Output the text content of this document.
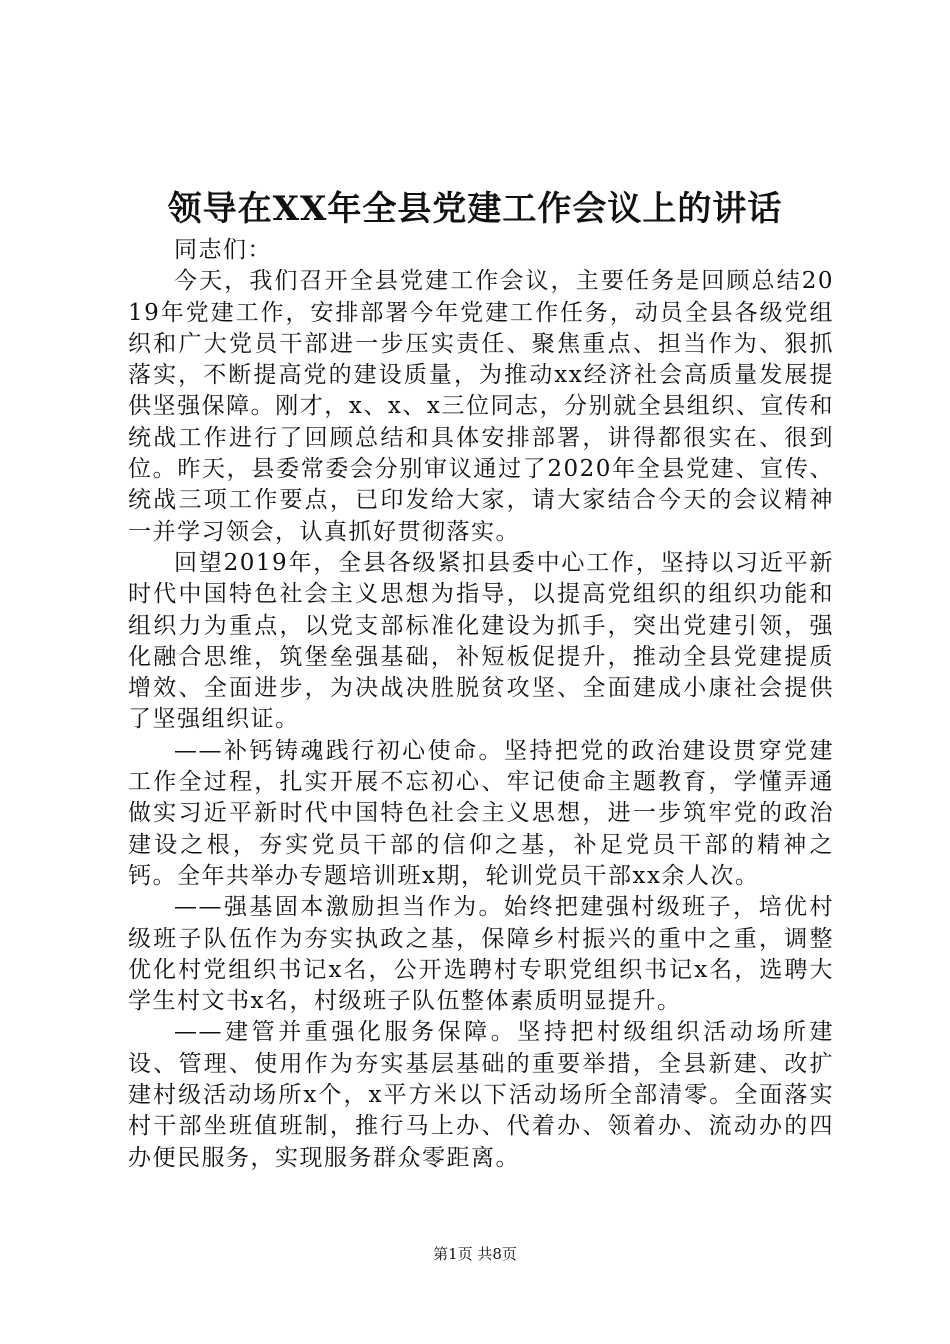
领导在XX年全县党建工作会议上的讲话

同志们：

今天，我们召开全县党建工作会议，主要任务是回顾总结2019年党建工作，安排部署今年党建工作任务，动员全县各级党组织和广大党员干部进一步压实责任、聚焦重点、担当作为、狠抓落实，不断提高党的建设质量，为推动xx经济社会高质量发展提供坚强保障。刚才，x、x、x三位同志，分别就全县组织、宣传和统战工作进行了回顾总结和具体安排部署，讲得都很实在、很到位。昨天，县委常委会分别审议通过了2020年全县党建、宣传、统战三项工作要点，已印发给大家，请大家结合今天的会议精神一并学习领会，认真抓好贯彻落实。

回望2019年，全县各级紧扣县委中心工作，坚持以习近平新时代中国特色社会主义思想为指导，以提高党组织的组织功能和组织力为重点，以党支部标准化建设为抓手，突出党建引领，强化融合思维，筑堡垒强基础，补短板促提升，推动全县党建提质增效、全面进步，为决战决胜脱贫攻坚、全面建成小康社会提供了坚强组织证。

——补钙铸魂践行初心使命。坚持把党的政治建设贯穿党建工作全过程，扎实开展不忘初心、牢记使命主题教育，学懂弄通做实习近平新时代中国特色社会主义思想，进一步筑牢党的政治建设之根，夯实党员干部的信仰之基，补足党员干部的精神之钙。全年共举办专题培训班x期，轮训党员干部xx余人次。

——强基固本激励担当作为。始终把建强村级班子，培优村级班子队伍作为夯实执政之基，保障乡村振兴的重中之重，调整优化村党组织书记x名，公开选聘村专职党组织书记x名，选聘大学生村文书x名，村级班子队伍整体素质明显提升。

——建管并重强化服务保障。坚持把村级组织活动场所建设、管理、使用作为夯实基层基础的重要举措，全县新建、改扩建村级活动场所x个，x平方米以下活动场所全部清零。全面落实村干部坐班值班制，推行马上办、代着办、领着办、流动办的四办便民服务，实现服务群众零距离。

第1页 共8页
